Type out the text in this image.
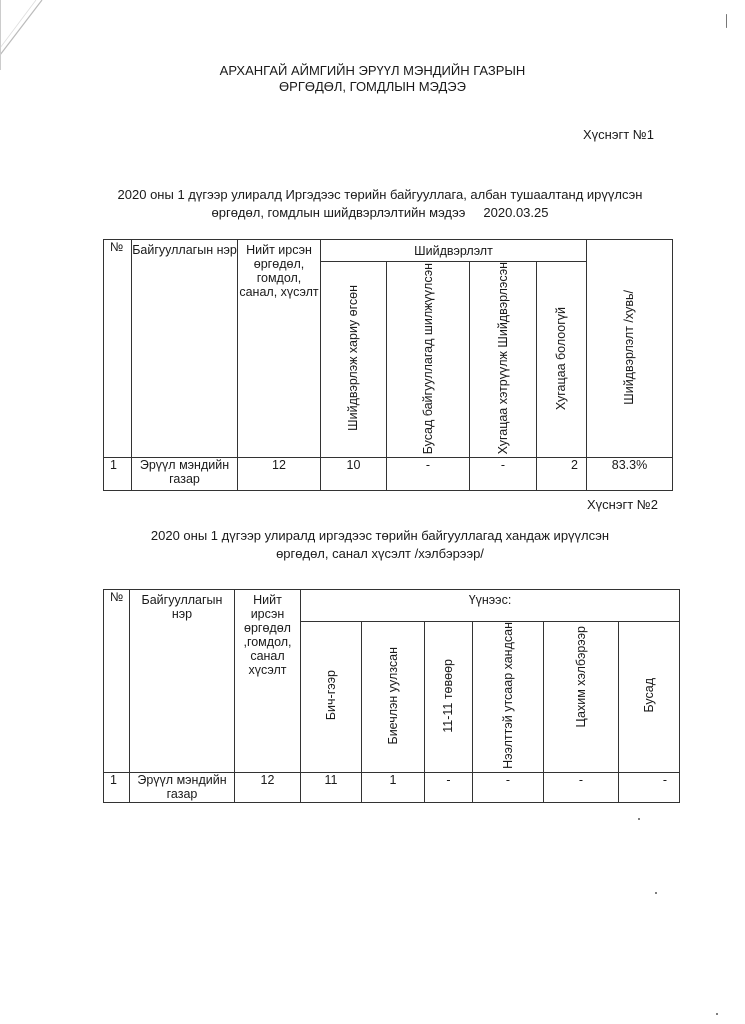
АРХАНГАЙ АЙМГИЙН ЭРҮҮЛ МЭНДИЙН ГАЗРЫН
ӨРГӨДӨЛ, ГОМДЛЫН МЭДЭЭ
Хүснэгт №1
2020 оны 1 дүгээр улиралд Иргэдээс төрийн байгууллага, албан тушаалтанд ирүүлсэн
өргөдөл, гомдлын шийдвэрлэлтийн мэдээ 2020.03.25
№	Байгууллагын нэр	Нийт ирсэн өргөдөл, гомдол, санал, хүсэлт	Шийдвэрлэлт				Шийдвэрлэлт /хувь/
			Шийдвэрлэж хариу өгсөн	Бусад байгууллагад шилжүүлсэн	Хугацаа хэтрүүлж Шийдвэрлэсэн	Хугацаа болоогүй	
1	Эрүүл мэндийн газар	12	10	-	-	2	83.3%
Хүснэгт №2
2020 оны 1 дүгээр улиралд иргэдээс төрийн байгууллагад хандаж ирүүлсэн
өргөдөл, санал хүсэлт /хэлбэрээр/
№	Байгууллагын нэр	Нийт ирсэн өргөдөл ,гомдол, санал хүсэлт	Үүнээс:					

			Бич-гээр	Биечлэн уулзсан	11-11 төвөөр	Нээлттэй утсаар хандсан	Цахим хэлбэрээр	Бусад
1	Эрүүл мэндийн газар	12	11	1	-	-	-	-
